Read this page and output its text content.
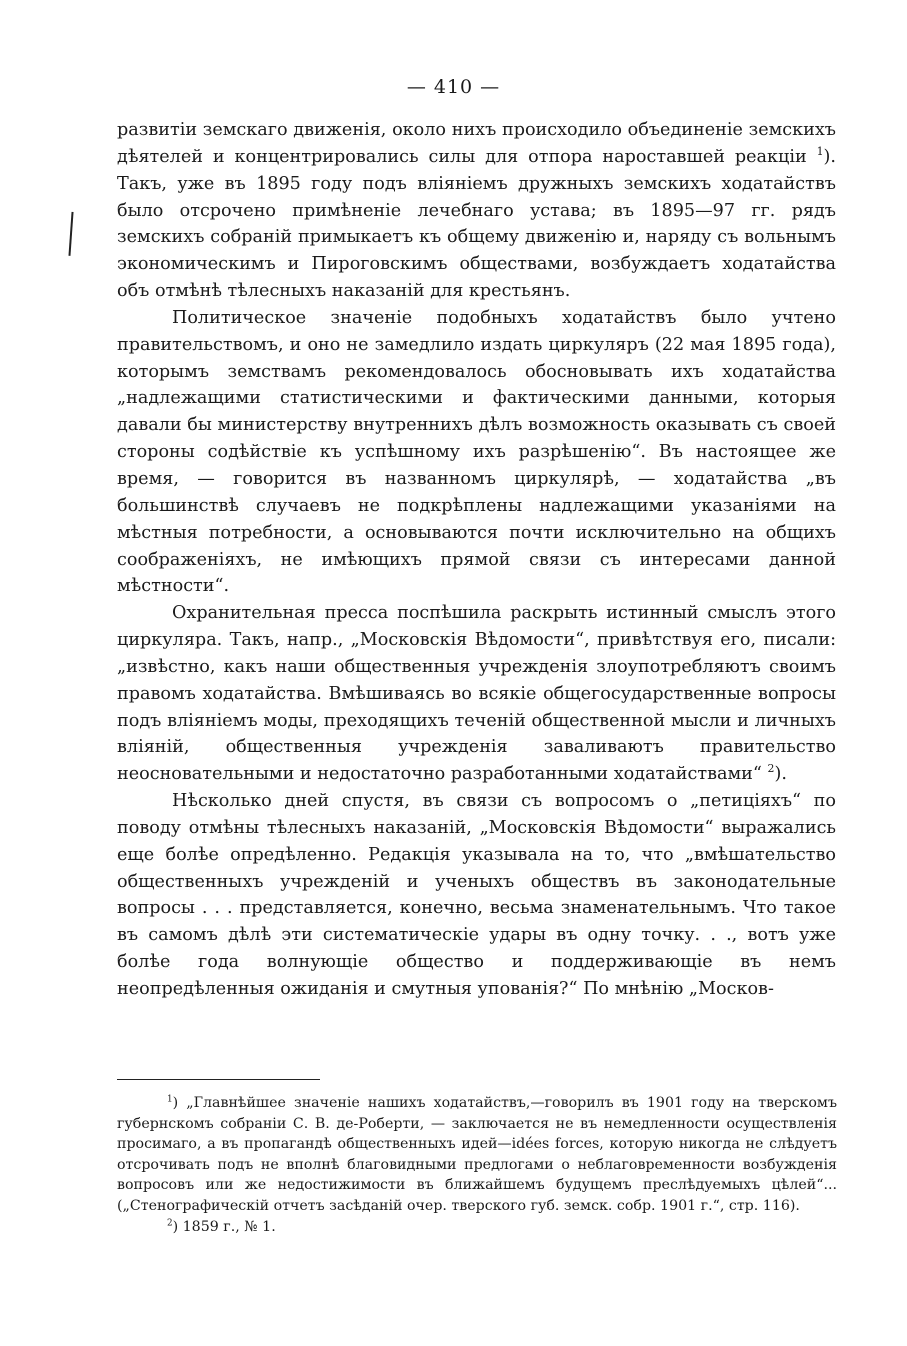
— 410 —

развитіи земскаго движенія, около нихъ происходило объединеніе земскихъ дѣятелей и концентрировались силы для отпора нароставшей реакціи $^1$). Такъ, уже въ 1895 году подъ вліяніемъ дружныхъ земскихъ ходатайствъ было отсрочено примѣненіе лечебнаго устава; въ 1895—97 гг. рядъ земскихъ собраній примыкаетъ къ общему движенію и, наряду съ вольнымъ экономическимъ и Пироговскимъ обществами, возбуждаетъ ходатайства объ отмѣнѣ тѣлесныхъ наказаній для крестьянъ.

Политическое значеніе подобныхъ ходатайствъ было учтено правительствомъ, и оно не замедлило издать циркуляръ (22 мая 1895 года), которымъ земствамъ рекомендовалось обосновывать ихъ ходатайства „надлежащими статистическими и фактическими данными, которыя давали бы министерству внутреннихъ дѣлъ возможность оказывать съ своей стороны содѣйствіе къ успѣшному ихъ разрѣшенію“. Въ настоящее же время, — говорится въ названномъ циркулярѣ, — ходатайства „въ большинствѣ случаевъ не подкрѣплены надлежащими указаніями на мѣстныя потребности, а основываются почти исключительно на общихъ соображеніяхъ, не имѣющихъ прямой связи съ интересами данной мѣстности“.

Охранительная пресса поспѣшила раскрыть истинный смыслъ этого циркуляра. Такъ, напр., „Московскія Вѣдомости“, привѣтствуя его, писали: „извѣстно, какъ наши общественныя учрежденія злоупотребляютъ своимъ правомъ ходатайства. Вмѣшиваясь во всякіе общегосударственные вопросы подъ вліяніемъ моды, преходящихъ теченій общественной мысли и личныхъ вліяній, общественныя учрежденія заваливаютъ правительство неосновательными и недостаточно разработанными ходатайствами“ $^2$).

Нѣсколько дней спустя, въ связи съ вопросомъ о „петиціяхъ“ по поводу отмѣны тѣлесныхъ наказаній, „Московскія Вѣдомости“ выражались еще болѣе опредѣленно. Редакція указывала на то, что „вмѣшательство общественныхъ учрежденій и ученыхъ обществъ въ законодательные вопросы . . . представляется, конечно, весьма знаменательнымъ. Что такое въ самомъ дѣлѣ эти систематическіе удары въ одну точку. . ., вотъ уже болѣе года волнующіе общество и поддерживающіе въ немъ неопредѣленныя ожиданія и смутныя упованія?“ По мнѣнію „Москов-

$^1$) „Главнѣйшее значеніе нашихъ ходатайствъ,—говорилъ въ 1901 году на тверскомъ губернскомъ собраніи С. В. де-Роберти, — заключается не въ немедленности осуществленія просимаго, а въ пропагандѣ общественныхъ идей—idées forces, которую никогда не слѣдуетъ отсрочивать подъ не вполнѣ благовидными предлогами о неблаговременности возбужденія вопросовъ или же недостижимости въ ближайшемъ будущемъ преслѣдуемыхъ цѣлей“... („Стенографическій отчетъ засѣданій очер. тверского губ. земск. собр. 1901 г.“, стр. 116).

$^2$) 1859 г., № 1.
